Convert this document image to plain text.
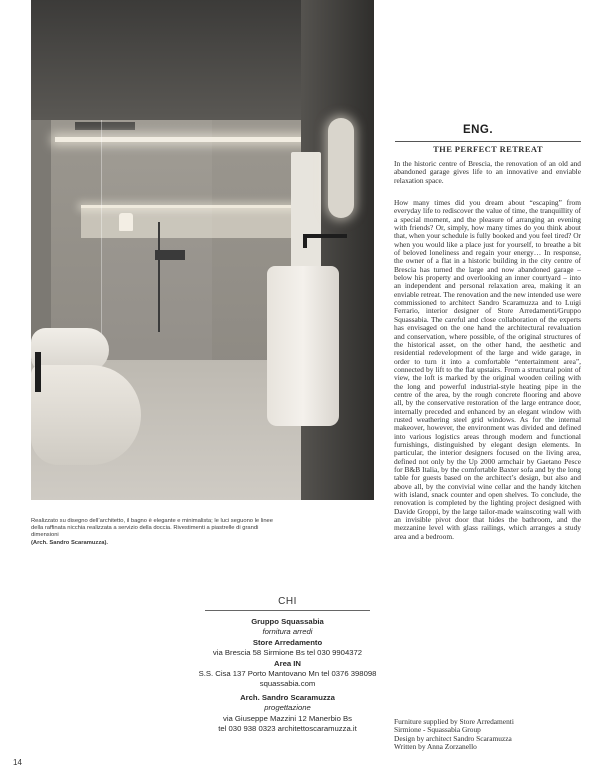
ENG.
THE PERFECT RETREAT

In the historic centre of Brescia, the renovation of an old and abandoned garage gives life to an innovative and enviable relaxation space.

How many times did you dream about “escaping” from everyday life to rediscover the value of time, the tranquillity of a special moment, and the pleasure of arranging an evening with friends? Or, simply, how many times do you think about that, when your schedule is fully booked and you feel tired? Or when you would like a place just for yourself, to breathe a bit of beloved loneliness and regain your energy… In response, the owner of a flat in a historic building in the city centre of Brescia has turned the large and now abandoned garage – below his property and overlooking an inner courtyard – into an independent and personal relaxation area, making it an enviable retreat. The renovation and the new intended use were commissioned to architect Sandro Scaramuzza and to Luigi Ferrario, interior designer of Store Arredamenti/Gruppo Squassabia. The careful and close collaboration of the experts has envisaged on the one hand the architectural revaluation and conservation, where possible, of the original structures of the historical asset, on the other hand, the aesthetic and residential redevelopment of the large and wide garage, in order to turn it into a comfortable “entertainment area”, connected by lift to the flat upstairs. From a structural point of view, the loft is marked by the original wooden ceiling with the long and powerful industrial-style heating pipe in the centre of the area, by the rough concrete flooring and above all, by the conservative restoration of the large entrance door, internally preceded and enhanced by an elegant window with rusted weathering steel grid windows. As for the internal makeover, however, the environment was divided and defined into various logistics areas through modern and functional furnishings, distinguished by elegant design elements. In particular, the interior designers focused on the living area, defined not only by the Up 2000 armchair by Gaetano Pesce for B&B Italia, by the comfortable Baxter sofa and by the long table for guests based on the architect’s design, but also and above all, by the convivial wine cellar and the handy kitchen with island, snack counter and open shelves. To conclude, the renovation is completed by the lighting project designed with Davide Groppi, by the large tailor-made wainscoting wall with an invisible pivot door that hides the bathroom, and the mezzanine level with glass railings, which arranges a study area and a bedroom.

Furniture supplied by Store Arredamenti
Sirmione - Squassabia Group
Design by architect Sandro Scaramuzza
Written by Anna Zorzanello
Realizzato su disegno dell’architetto, il bagno è elegante e minimalista; le luci seguono le linee della raffinata nicchia realizzata a servizio della doccia. Rivestimenti a piastrelle di grandi dimensioni
(Arch. Sandro Scaramuzza).
CHI
Gruppo Squassabia
fornitura arredi
Store Arredamento
via Brescia 58 Sirmione Bs tel 030 9904372
Area IN
S.S. Cisa 137 Porto Mantovano Mn tel 0376 398098
squassabia.com
Arch. Sandro Scaramuzza
progettazione
via Giuseppe Mazzini 12 Manerbio Bs
tel 030 938 0323 architettoscaramuzza.it
14
